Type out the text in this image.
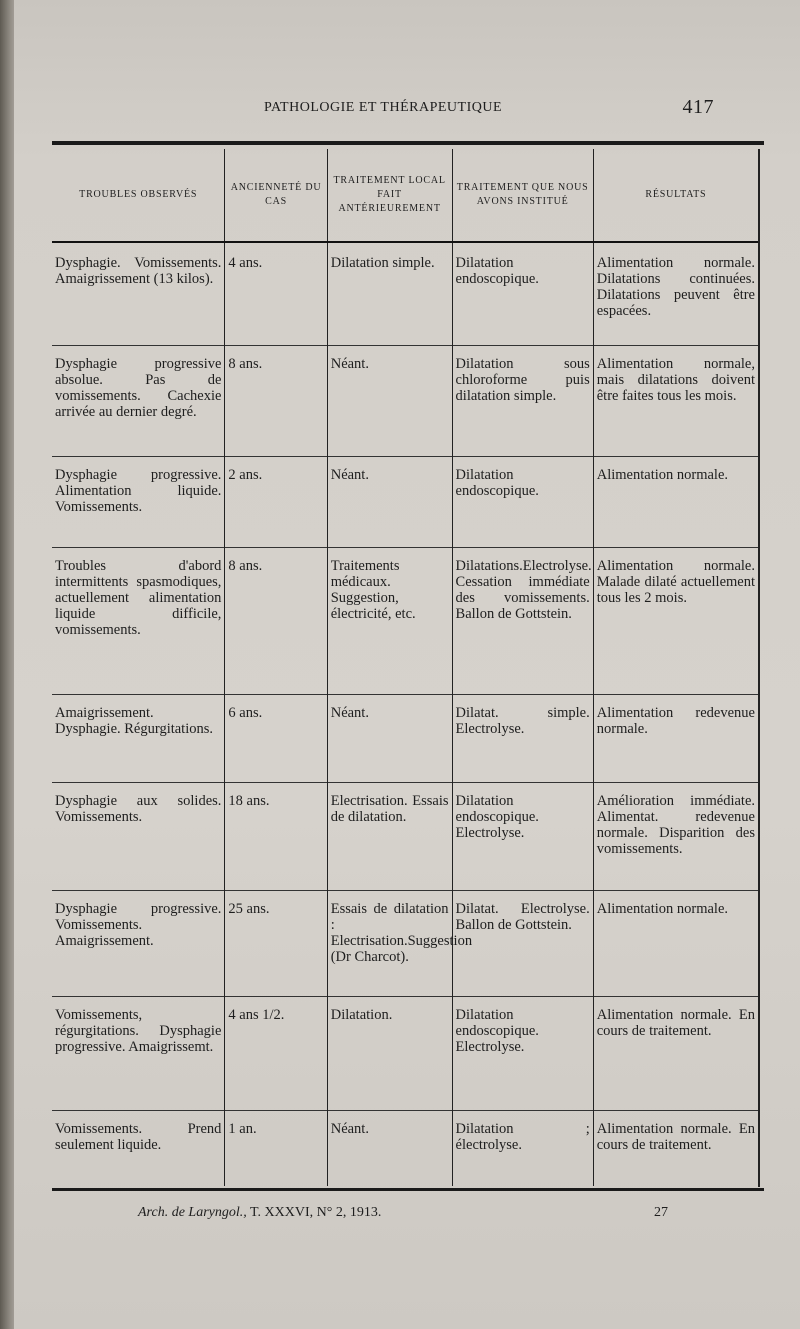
PATHOLOGIE ET THÉRAPEUTIQUE	417
TROUBLES OBSERVÉS	ANCIENNETÉ DU CAS	TRAITEMENT LOCAL FAIT ANTÉRIEUREMENT	TRAITEMENT QUE NOUS AVONS INSTITUÉ	RÉSULTATS
Dysphagie. Vomissements. Amaigrissement (13 kilos).	4 ans.	Dilatation simple.	Dilatation endoscopique.	Alimentation normale. Dilatations continuées. Dilatations peuvent être espacées.
Dysphagie progressive absolue. Pas de vomissements. Cachexie arrivée au dernier degré.	8 ans.	Néant.	Dilatation sous chloroforme puis dilatation simple.	Alimentation normale, mais dilatations doivent être faites tous les mois.
Dysphagie progressive. Alimentation liquide. Vomissements.	2 ans.	Néant.	Dilatation endoscopique.	Alimentation normale.
Troubles d'abord intermittents spasmodiques, actuellement alimentation liquide difficile, vomissements.	8 ans.	Traitements médicaux. Suggestion, électricité, etc.	Dilatations.Electrolyse. Cessation immédiate des vomissements. Ballon de Gottstein.	Alimentation normale. Malade dilaté actuellement tous les 2 mois.
Amaigrissement. Dysphagie. Régurgitations.	6 ans.	Néant.	Dilatat. simple. Electrolyse.	Alimentation redevenue normale.
Dysphagie aux solides. Vomissements.	18 ans.	Electrisation. Essais de dilatation.	Dilatation endoscopique. Electrolyse.	Amélioration immédiate. Alimentat. redevenue normale. Disparition des vomissements.
Dysphagie progressive. Vomissements. Amaigrissement.	25 ans.	Essais de dilatation : Electrisation.Suggestion (Dr Charcot).	Dilatat. Electrolyse. Ballon de Gottstein.	Alimentation normale.
Vomissements, régurgitations. Dysphagie progressive. Amaigrissemt.	4 ans 1/2.	Dilatation.	Dilatation endoscopique. Electrolyse.	Alimentation normale. En cours de traitement.
Vomissements. Prend seulement liquide.	1 an.	Néant.	Dilatation ; électrolyse.	Alimentation normale. En cours de traitement.
Arch. de Laryngol., T. XXXVI, N° 2, 1913.	27
